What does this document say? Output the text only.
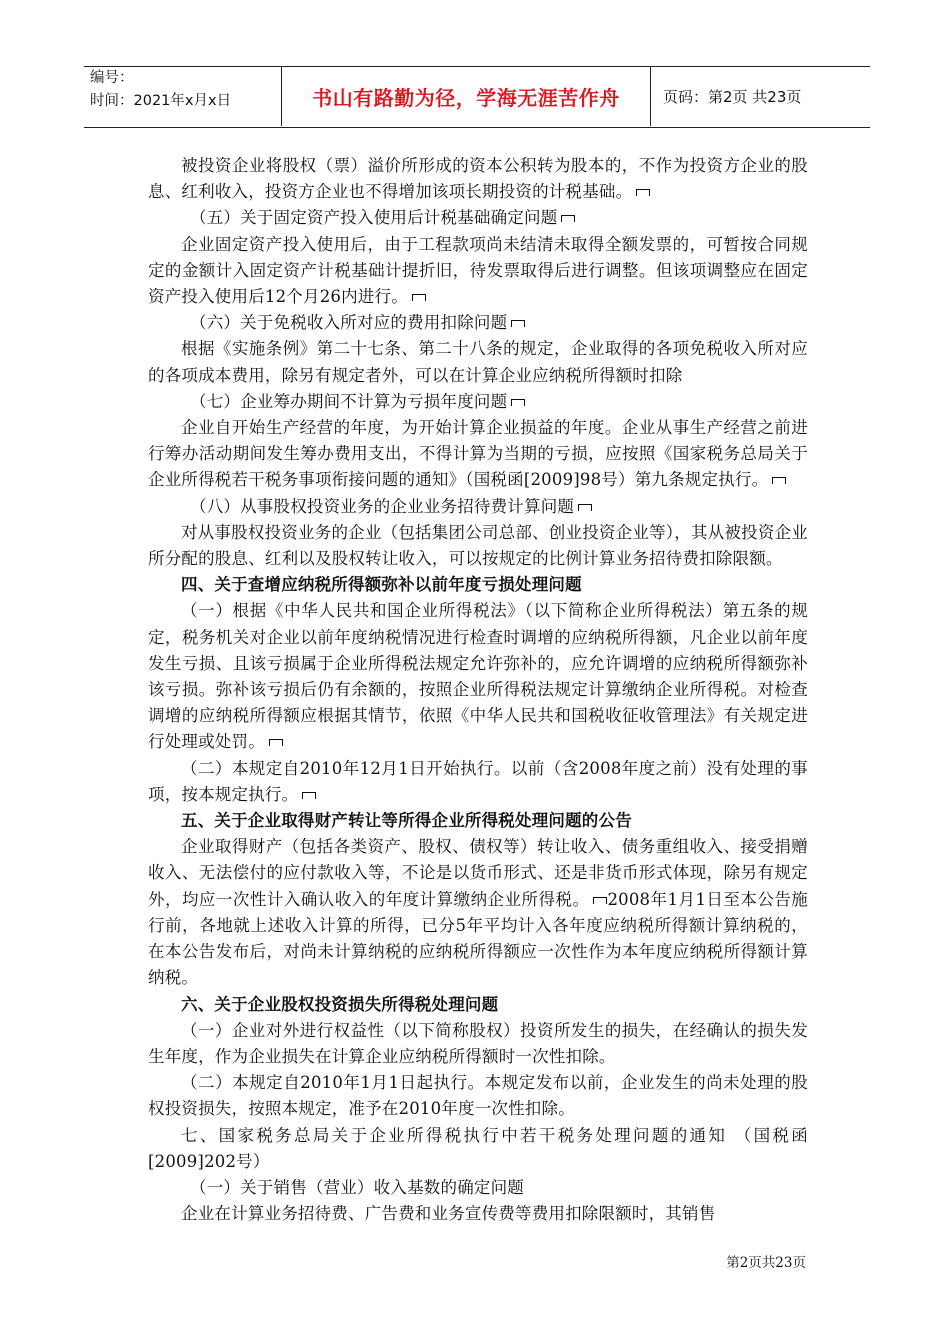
编号：
时间：2021年x月x日	书山有路勤为径，学海无涯苦作舟	页码：第2页 共23页

被投资企业将股权（票）溢价所形成的资本公积转为股本的，不作为投资方企业的股息、红利收入，投资方企业也不得增加该项长期投资的计税基础。

（五）关于固定资产投入使用后计税基础确定问题

企业固定资产投入使用后，由于工程款项尚未结清未取得全额发票的，可暂按合同规定的金额计入固定资产计税基础计提折旧，待发票取得后进行调整。但该项调整应在固定资产投入使用后12个月26内进行。

（六）关于免税收入所对应的费用扣除问题

根据《实施条例》第二十七条、第二十八条的规定，企业取得的各项免税收入所对应的各项成本费用，除另有规定者外，可以在计算企业应纳税所得额时扣除

（七）企业筹办期间不计算为亏损年度问题

企业自开始生产经营的年度，为开始计算企业损益的年度。企业从事生产经营之前进行筹办活动期间发生筹办费用支出，不得计算为当期的亏损，应按照《国家税务总局关于企业所得税若干税务事项衔接问题的通知》（国税函[2009]98号）第九条规定执行。

（八）从事股权投资业务的企业业务招待费计算问题

对从事股权投资业务的企业（包括集团公司总部、创业投资企业等），其从被投资企业所分配的股息、红利以及股权转让收入，可以按规定的比例计算业务招待费扣除限额。

四、关于查增应纳税所得额弥补以前年度亏损处理问题

（一）根据《中华人民共和国企业所得税法》（以下简称企业所得税法）第五条的规定，税务机关对企业以前年度纳税情况进行检查时调增的应纳税所得额，凡企业以前年度发生亏损、且该亏损属于企业所得税法规定允许弥补的，应允许调增的应纳税所得额弥补该亏损。弥补该亏损后仍有余额的，按照企业所得税法规定计算缴纳企业所得税。对检查调增的应纳税所得额应根据其情节，依照《中华人民共和国税收征收管理法》有关规定进行处理或处罚。

（二）本规定自2010年12月1日开始执行。以前（含2008年度之前）没有处理的事项，按本规定执行。

五、关于企业取得财产转让等所得企业所得税处理问题的公告

企业取得财产（包括各类资产、股权、债权等）转让收入、债务重组收入、接受捐赠收入、无法偿付的应付款收入等，不论是以货币形式、还是非货币形式体现，除另有规定外，均应一次性计入确认收入的年度计算缴纳企业所得税。 2008年1月1日至本公告施行前，各地就上述收入计算的所得，已分5年平均计入各年度应纳税所得额计算纳税的，在本公告发布后，对尚未计算纳税的应纳税所得额应一次性作为本年度应纳税所得额计算纳税。

六、关于企业股权投资损失所得税处理问题

（一）企业对外进行权益性（以下简称股权）投资所发生的损失，在经确认的损失发生年度，作为企业损失在计算企业应纳税所得额时一次性扣除。

（二）本规定自2010年1月1日起执行。本规定发布以前，企业发生的尚未处理的股权投资损失，按照本规定，准予在2010年度一次性扣除。

七、国家税务总局关于企业所得税执行中若干税务处理问题的通知 （国税函[2009]202号）

（一）关于销售（营业）收入基数的确定问题

企业在计算业务招待费、广告费和业务宣传费等费用扣除限额时，其销售

第2页共23页
